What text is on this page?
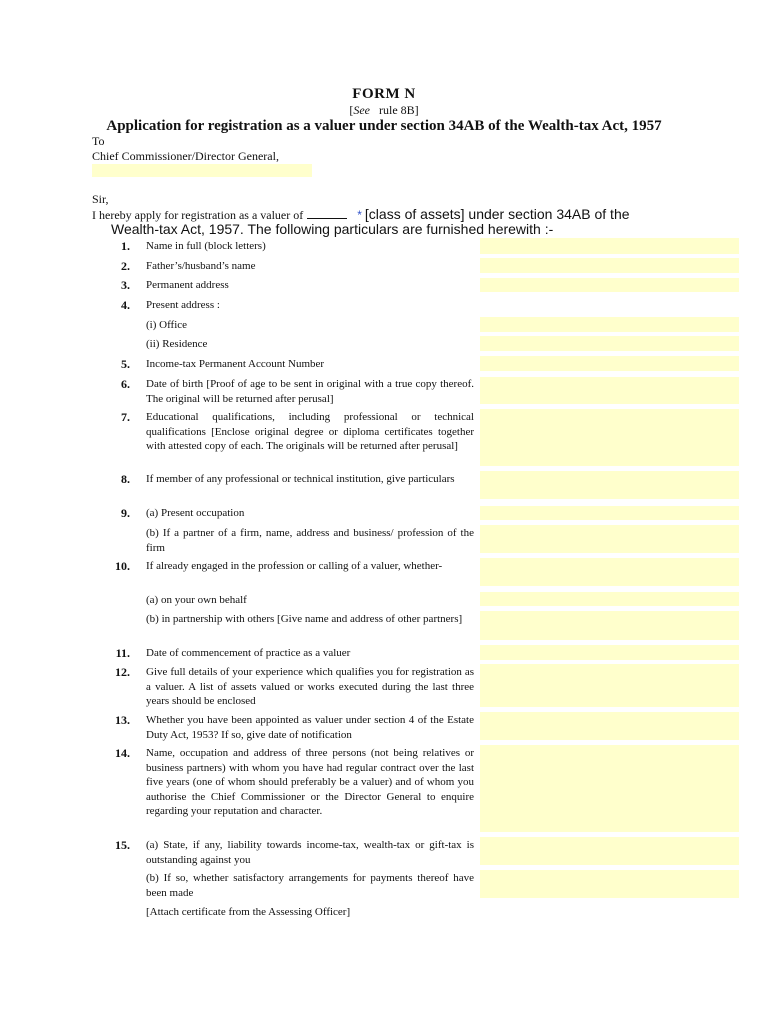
FORM N
[See rule 8B]
Application for registration as a valuer under section 34AB of the Wealth-tax Act, 1957
To
Chief Commissioner/Director General,
Sir,
I hereby apply for registration as a valuer of	* [class of assets] under section 34AB of the
Wealth-tax Act, 1957. The following particulars are furnished herewith :-
1. Name in full (block letters)
2. Father’s/husband’s name
3. Permanent address
4. Present address :
(i) Office
(ii) Residence
5. Income-tax Permanent Account Number
6. Date of birth [Proof of age to be sent in original with a true copy thereof. The original will be returned after perusal]
7. Educational qualifications, including professional or technical qualifications [Enclose original degree or diploma certificates together with attested copy of each. The originals will be returned after perusal]
8. If member of any professional or technical institution, give particulars
9. (a) Present occupation
(b) If a partner of a firm, name, address and business/ profession of the firm
10. If already engaged in the profession or calling of a valuer, whether-
(a) on your own behalf
(b) in partnership with others [Give name and address of other partners]
11. Date of commencement of practice as a valuer
12. Give full details of your experience which qualifies you for registration as a valuer. A list of assets valued or works executed during the last three years should be enclosed
13. Whether you have been appointed as valuer under section 4 of the Estate Duty Act, 1953? If so, give date of notification
14. Name, occupation and address of three persons (not being relatives or business partners) with whom you have had regular contract over the last five years (one of whom should preferably be a valuer) and of whom you authorise the Chief Commissioner or the Director General to enquire regarding your reputation and character.
15. (a) State, if any, liability towards income-tax, wealth-tax or gift-tax is outstanding against you
(b) If so, whether satisfactory arrangements for payments thereof have been made
[Attach certificate from the Assessing Officer]
